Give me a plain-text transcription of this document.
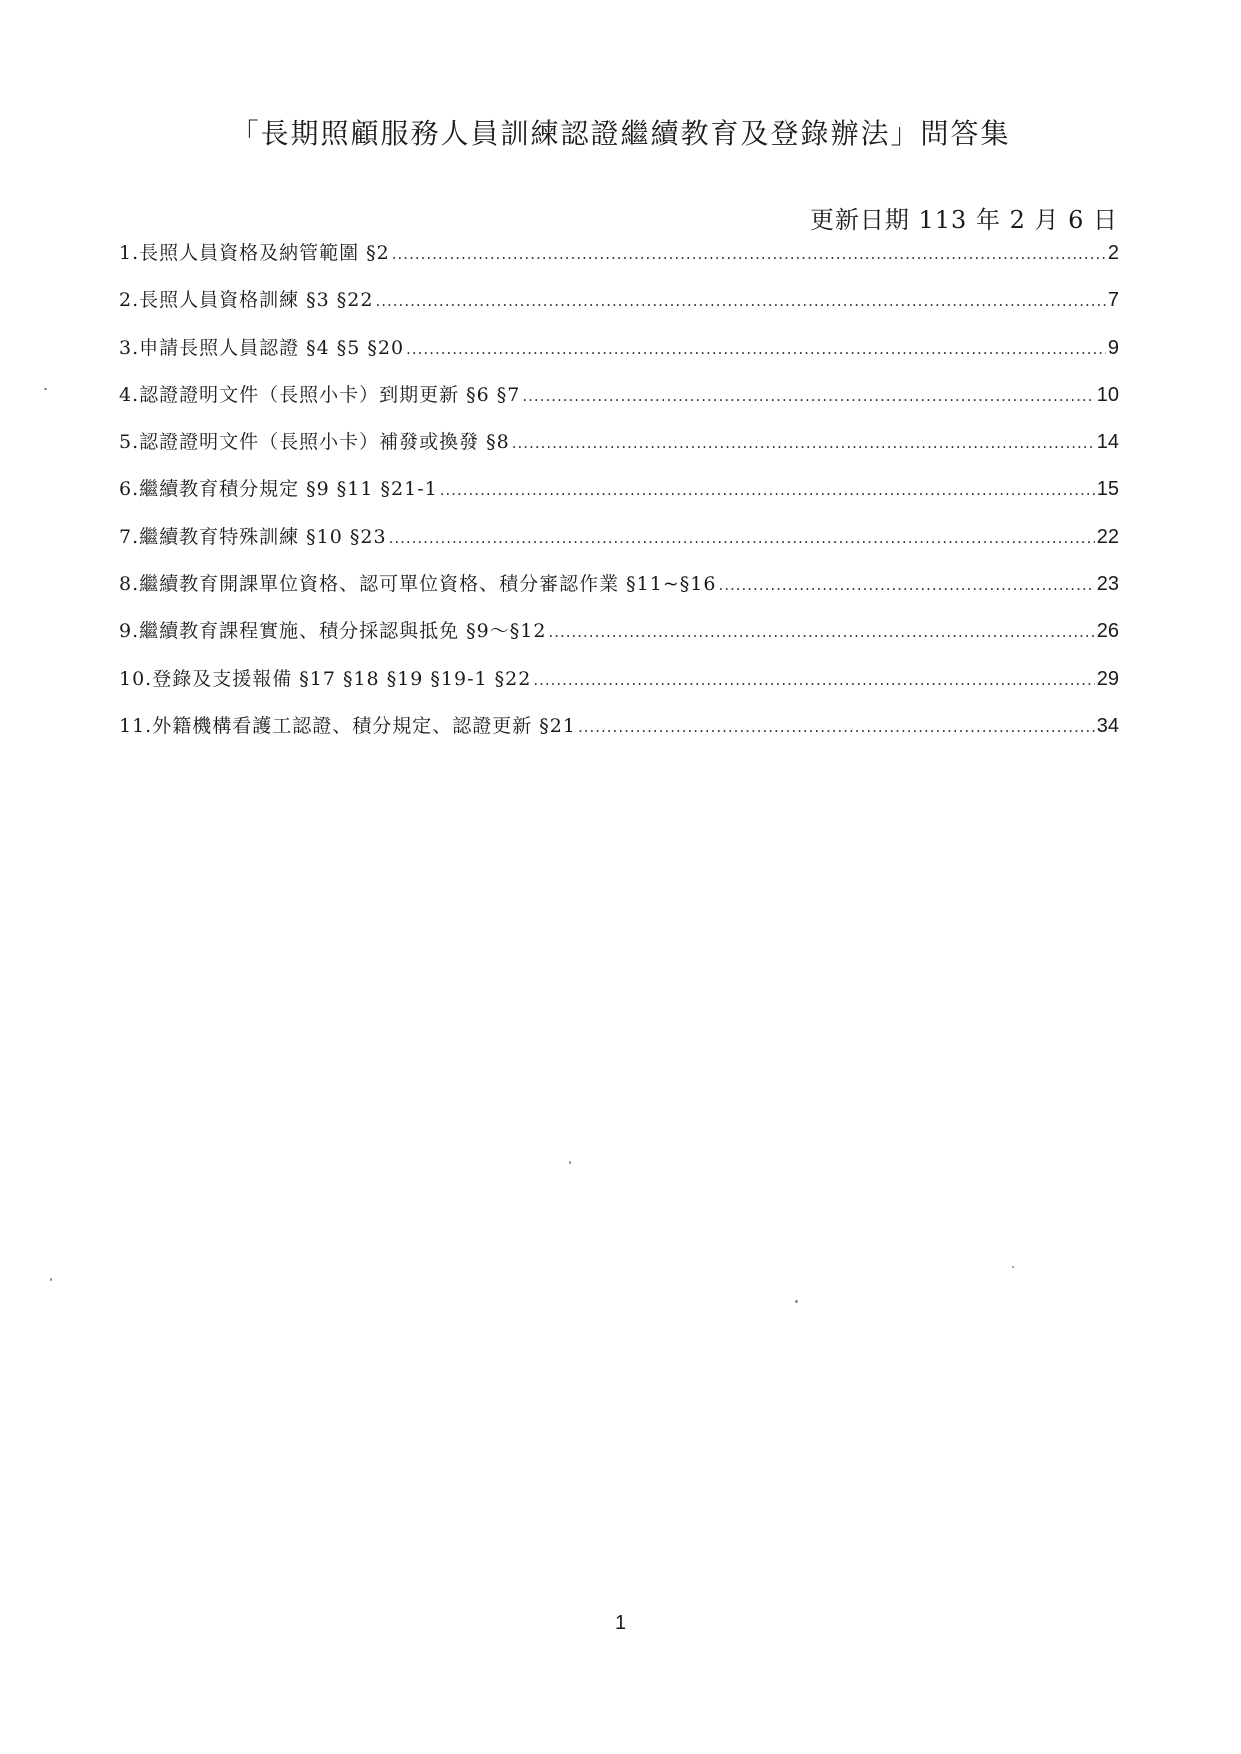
「長期照顧服務人員訓練認證繼續教育及登錄辦法」問答集
更新日期 113 年 2 月 6 日
1.長照人員資格及納管範圍 §2 .....	2
2.長照人員資格訓練 §3 §22 .....	7
3.申請長照人員認證 §4 §5 §20 .....	9
4.認證證明文件（長照小卡）到期更新 §6 §7 .....	10
5.認證證明文件（長照小卡）補發或換發 §8 .....	14
6.繼續教育積分規定 §9 §11 §21-1 .....	15
7.繼續教育特殊訓練 §10 §23 .....	22
8.繼續教育開課單位資格、認可單位資格、積分審認作業 §11~§16 .....	23
9.繼續教育課程實施、積分採認與抵免 §9～§12 .....	26
10.登錄及支援報備 §17 §18 §19 §19-1 §22 .....	29
11.外籍機構看護工認證、積分規定、認證更新 §21 .....	34
1
